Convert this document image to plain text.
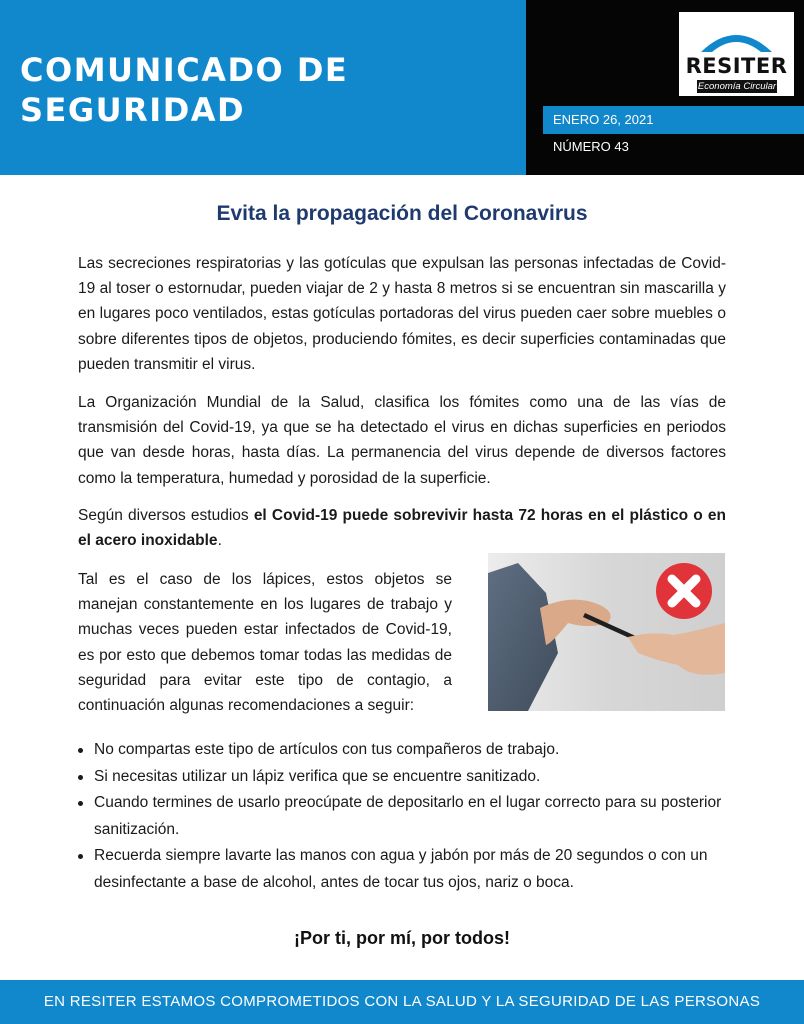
COMUNICADO DE
SEGURIDAD
RESITER
Economía Circular
ENERO 26, 2021
NÚMERO 43
Evita la propagación del Coronavirus

Las secreciones respiratorias y las gotículas que expulsan las personas infectadas de Covid-19 al toser o estornudar, pueden viajar de 2 y hasta 8 metros si se encuentran sin mascarilla y en lugares poco ventilados, estas gotículas portadoras del virus pueden caer sobre muebles o sobre diferentes tipos de objetos, produciendo fómites, es decir superficies contaminadas que pueden transmitir el virus.

La Organización Mundial de la Salud, clasifica los fómites como una de las vías de transmisión del Covid-19, ya que se ha detectado el virus en dichas superficies en periodos que van desde horas, hasta días. La permanencia del virus depende de diversos factores como la temperatura, humedad y porosidad de la superficie.

Según diversos estudios el Covid-19 puede sobrevivir hasta 72 horas en el plástico o en el acero inoxidable.

Tal es el caso de los lápices, estos objetos se manejan constantemente en los lugares de trabajo y muchas veces pueden estar infectados de Covid-19, es por esto que debemos tomar todas las medidas de seguridad para evitar este tipo de contagio, a continuación algunas recomendaciones a seguir:

No compartas este tipo de artículos con tus compañeros de trabajo.
Si necesitas utilizar un lápiz verifica que se encuentre sanitizado.
Cuando termines de usarlo preocúpate de depositarlo en el lugar correcto para su posterior sanitización.
Recuerda siempre lavarte las manos con agua y jabón por más de 20 segundos o con un desinfectante a base de alcohol, antes de tocar tus ojos, nariz o boca.
¡Por ti, por mí, por todos!
EN RESITER ESTAMOS COMPROMETIDOS CON LA SALUD Y LA SEGURIDAD DE LAS PERSONAS
